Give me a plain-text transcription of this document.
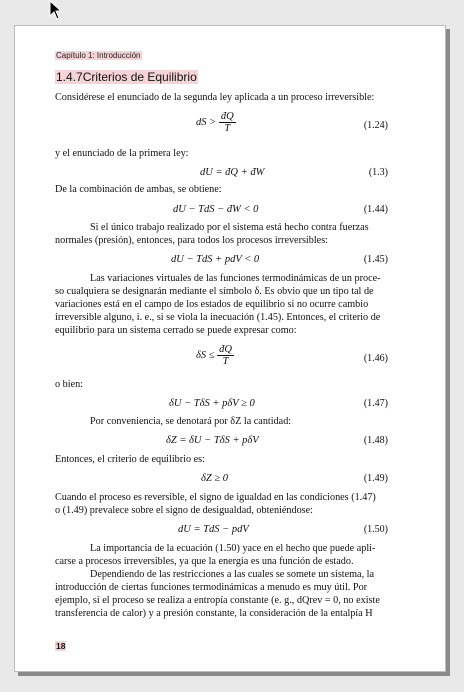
Capítulo 1: Introducción
1.4.7Criterios de Equilibrio
Considérese el enunciado de la segunda ley aplicada a un proceso irreversible:
dS > $\frac{đQ}{T}$	(1.24)
y el enunciado de la primera ley:
dU = đQ + đW	(1.3)
De la combinación de ambas, se obtiene:
dU − TdS − đW < 0	(1.44)
Si el único trabajo realizado por el sistema está hecho contra fuerzas
normales (presión), entonces, para todos los procesos irreversibles:
dU − TdS + pdV < 0	(1.45)
Las variaciones virtuales de las funciones termodinámicas de un proce-
so cualquiera se designarán mediante el símbolo δ. Es obvio que un tipo tal de
variaciones está en el campo de los estados de equilibrio si no ocurre cambio
irreversible alguno, i. e., si se viola la inecuación (1.45). Entonces, el criterio de
equilibrio para un sistema cerrado se puede expresar como:
$\delta S \le \frac{đQ}{T}$	(1.46)
o bien:
δU − TδS + pδV ≥ 0	(1.47)
Por conveniencia, se denotará por δZ la cantidad:
δZ = δU − TδS + pδV	(1.48)
Entonces, el criterio de equilibrio es:
δZ ≥ 0	(1.49)
Cuando el proceso es reversible, el signo de igualdad en las condiciones (1.47)
o (1.49) prevalece sobre el signo de desigualdad, obteniéndose:
dU = TdS − pdV	(1.50)
La importancia de la ecuación (1.50) yace en el hecho que puede apli-
carse a procesos irreversibles, ya que la energía es una función de estado.
Dependiendo de las restricciones a las cuales se somete un sistema, la
introducción de ciertas funciones termodinámicas a menudo es muy útil. Por
ejemplo, si el proceso se realiza a entropía constante (e. g., dQrev = 0, no existe
transferencia de calor) y a presión constante, la consideración de la entalpía H
18
